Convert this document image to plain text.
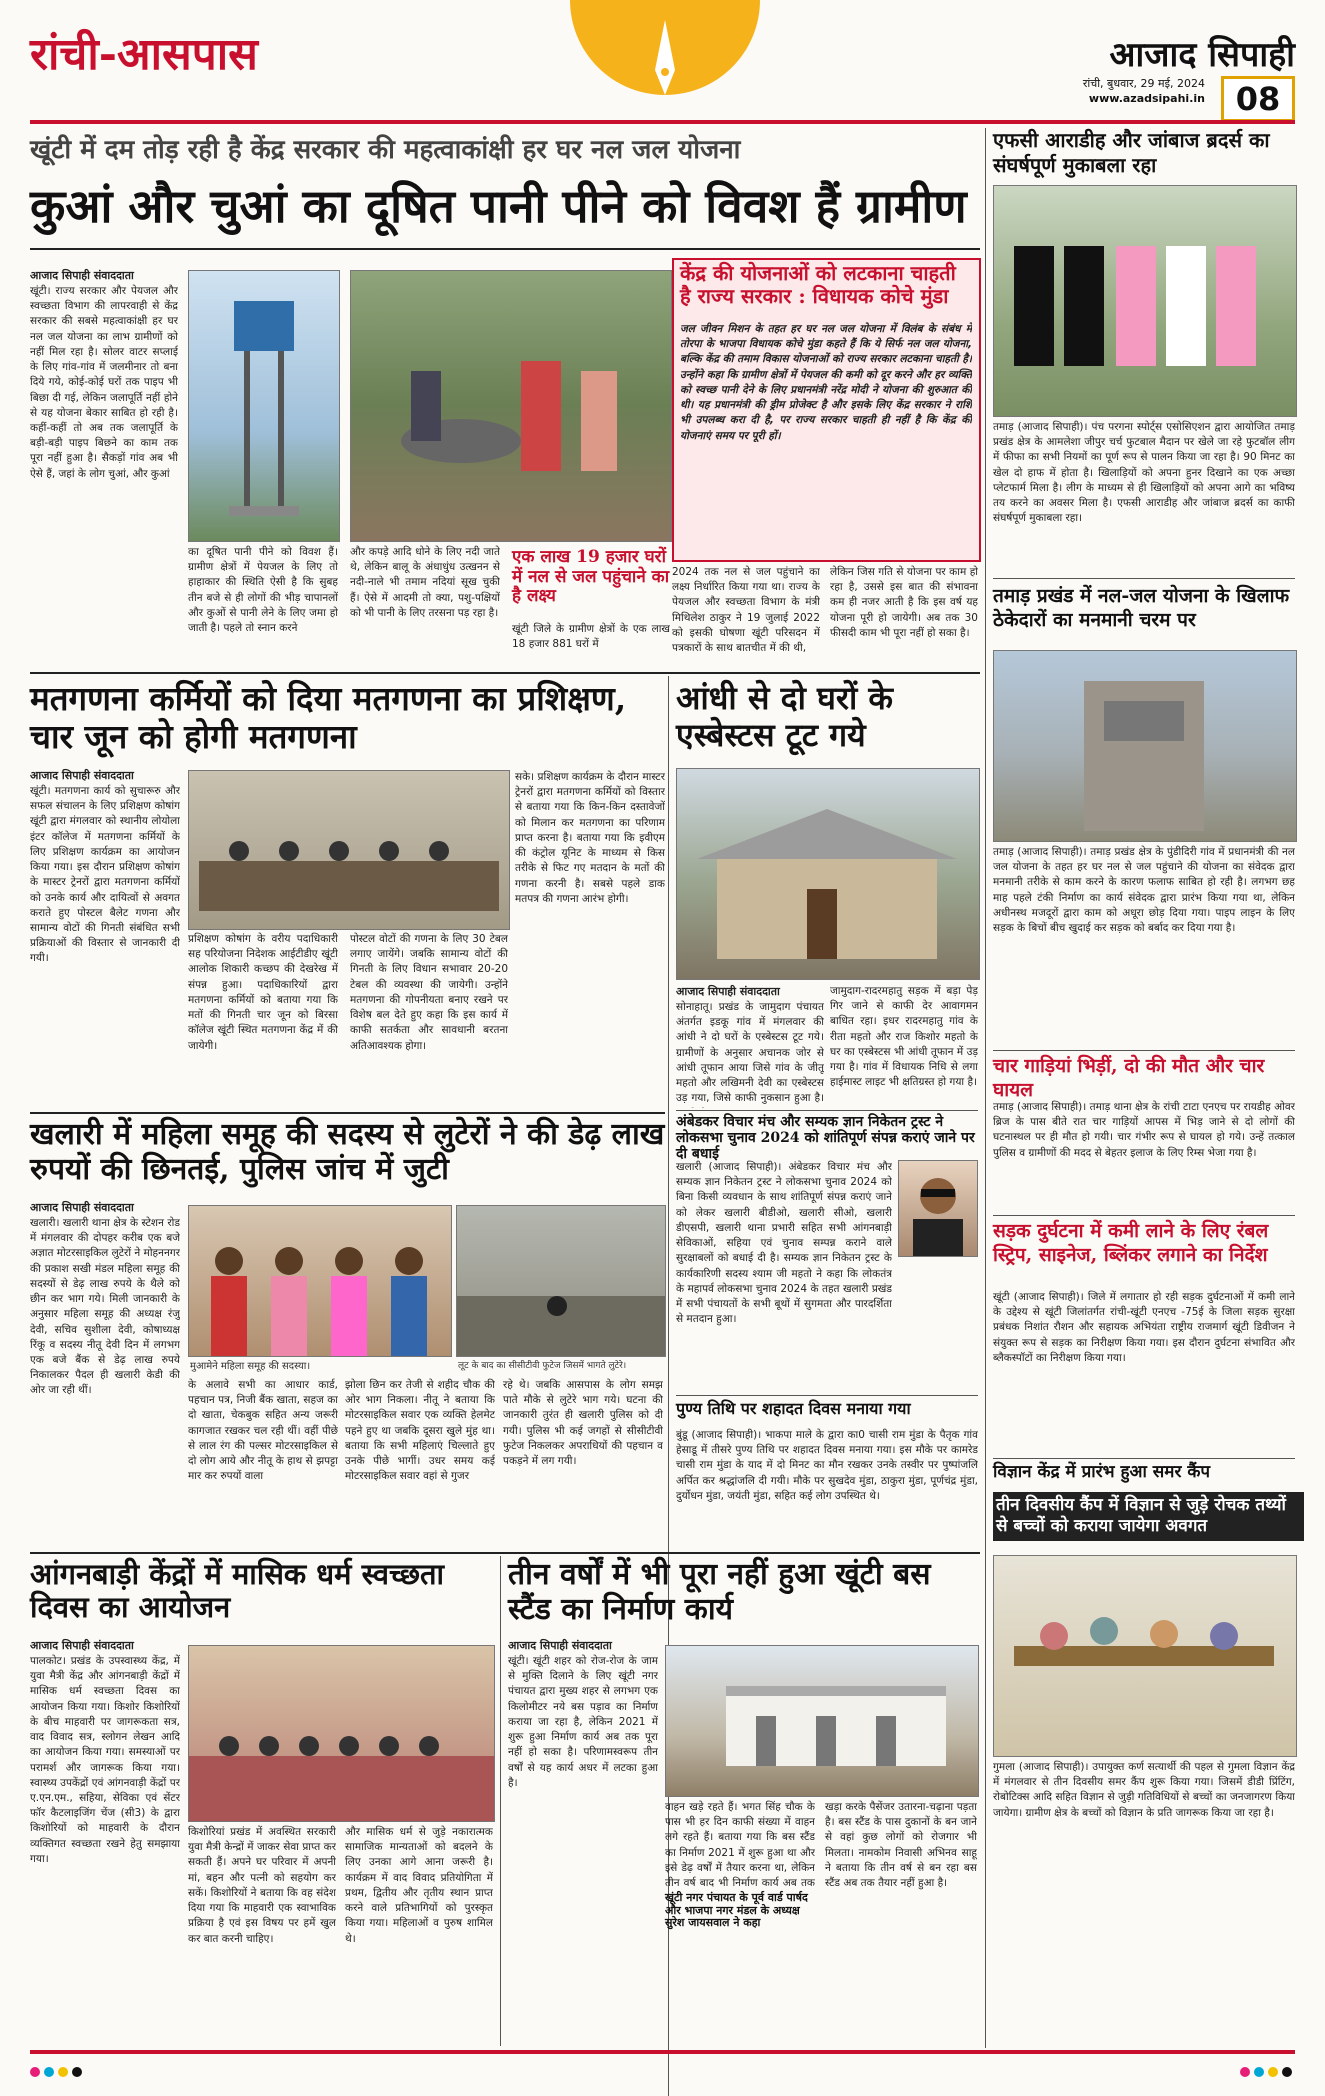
रांची-आसपास	आजाद सिपाही
रांची, बुधवार, 29 मई, 2024
www.azadsipahi.in 08
खूंटी में दम तोड़ रही है केंद्र सरकार की महत्वाकांक्षी हर घर नल जल योजना
कुआं और चुआं का दूषित पानी पीने को विवश हैं ग्रामीण
आजाद सिपाही संवाददाता
खूंटी। राज्य सरकार और पेयजल और स्वच्छता विभाग की लापरवाही से केंद्र सरकार की सबसे महत्वाकांक्षी हर घर नल जल योजना का लाभ ग्रामीणों को नहीं मिल रहा है। सोलर वाटर सप्लाई के लिए गांव-गांव में जलमीनार तो बना दिये गये, कोई-कोई घरों तक पाइप भी बिछा दी गई, लेकिन जलापूर्ति नहीं होने से यह योजना बेकार साबित हो रही है। कहीं-कहीं तो अब तक जलापूर्ति के बड़ी-बड़ी पाइप बिछने का काम तक पूरा नहीं हुआ है। सैकड़ों गांव अब भी ऐसे हैं, जहां के लोग चुआं, और कुआं
का दूषित पानी पीने को विवश हैं। ग्रामीण क्षेत्रों में पेयजल के लिए तो हाहाकार की स्थिति ऐसी है कि सुबह तीन बजे से ही लोगों की भीड़ चापानलों और कुओं से पानी लेने के लिए जमा हो जाती है। पहले तो स्नान करने
और कपड़े आदि धोने के लिए नदी जाते थे, लेकिन बालू के अंधाधुंध उत्खनन से नदी-नाले भी तमाम नदियां सूख चुकी हैं। ऐसे में आदमी तो क्या, पशु-पक्षियों को भी पानी के लिए तरसना पड़ रहा है।
एक लाख 19 हजार घरों में नल से जल पहुंचाने का है लक्ष्य
खूंटी जिले के ग्रामीण क्षेत्रों के एक लाख 18 हजार 881 घरों में
केंद्र की योजनाओं को लटकाना चाहती है राज्य सरकार : विधायक कोचे मुंडा
जल जीवन मिशन के तहत हर घर नल जल योजना में विलंब के संबंध में तोरपा के भाजपा विधायक कोचे मुंडा कहते हैं कि ये सिर्फ नल जल योजना, बल्कि केंद्र की तमाम विकास योजनाओं को राज्य सरकार लटकाना चाहती है। उन्होंने कहा कि ग्रामीण क्षेत्रों में पेयजल की कमी को दूर करने और हर व्यक्ति को स्वच्छ पानी देने के लिए प्रधानमंत्री नरेंद्र मोदी ने योजना की शुरुआत की थी। यह प्रधानमंत्री की ड्रीम प्रोजेक्ट है और इसके लिए केंद्र सरकार ने राशि भी उपलब्ध करा दी है, पर राज्य सरकार चाहती ही नहीं है कि केंद्र की योजनाएं समय पर पूरी हों।
2024 तक नल से जल पहुंचाने का लक्ष्य निर्धारित किया गया था। राज्य के पेयजल और स्वच्छता विभाग के मंत्री मिथिलेश ठाकुर ने 19 जुलाई 2022 को इसकी घोषणा खूंटी परिसदन में पत्रकारों के साथ बातचीत में की थी,
लेकिन जिस गति से योजना पर काम हो रहा है, उससे इस बात की संभावना कम ही नजर आती है कि इस वर्ष यह योजना पूरी हो जायेगी। अब तक 30 फीसदी काम भी पूरा नहीं हो सका है।
एफसी आराडीह और जांबाज ब्रदर्स का संघर्षपूर्ण मुकाबला रहा
तमाड़ (आजाद सिपाही)। पंच परगना स्पोर्ट्स एसोसिएशन द्वारा आयोजित तमाड़ प्रखंड क्षेत्र के आमलेशा जीपुर चर्च फुटबाल मैदान पर खेले जा रहे फुटबॉल लीग में फीफा का सभी नियमों का पूर्ण रूप से पालन किया जा रहा है। 90 मिनट का खेल दो हाफ में होता है। खिलाड़ियों को अपना हुनर दिखाने का एक अच्छा प्लेटफार्म मिला है। लीग के माध्यम से ही खिलाड़ियों को अपना आगे का भविष्य तय करने का अवसर मिला है। एफसी आराडीह और जांबाज ब्रदर्स का काफी संघर्षपूर्ण मुकाबला रहा।
तमाड़ प्रखंड में नल-जल योजना के खिलाफ ठेकेदारों का मनमानी चरम पर
तमाड़ (आजाद सिपाही)। तमाड़ प्रखंड क्षेत्र के पुंडीदिरी गांव में प्रधानमंत्री की नल जल योजना के तहत हर घर नल से जल पहुंचाने की योजना का संवेदक द्वारा मनमानी तरीके से काम करने के कारण फलाफ साबित हो रही है। लगभग छह माह पहले टंकी निर्माण का कार्य संवेदक द्वारा प्रारंभ किया गया था, लेकिन अधीनस्थ मजदूरों द्वारा काम को अधूरा छोड़ दिया गया। पाइप लाइन के लिए सड़क के बिचों बीच खुदाई कर सड़क को बर्बाद कर दिया गया है।
चार गाड़ियां भिड़ीं, दो की मौत और चार घायल
तमाड़ (आजाद सिपाही)। तमाड़ थाना क्षेत्र के रांची टाटा एनएच पर रायडीह ओवर ब्रिज के पास बीते रात चार गाड़ियों आपस में भिड़ जाने से दो लोगों की घटनास्थल पर ही मौत हो गयी। चार गंभीर रूप से घायल हो गये। उन्हें तत्काल पुलिस व ग्रामीणों की मदद से बेहतर इलाज के लिए रिम्स भेजा गया है।
सड़क दुर्घटना में कमी लाने के लिए रंबल स्ट्रिप, साइनेज, ब्लिंकर लगाने का निर्देश
खूंटी (आजाद सिपाही)। जिले में लगातार हो रही सड़क दुर्घटनाओं में कमी लाने के उद्देश्य से खूंटी जिलांतर्गत रांची-खूंटी एनएच -75ई के जिला सड़क सुरक्षा प्रबंधक निशांत रौशन और सहायक अभियंता राष्ट्रीय राजमार्ग खूंटी डिवीजन ने संयुक्त रूप से सड़क का निरीक्षण किया गया। इस दौरान दुर्घटना संभावित और ब्लैकस्पॉटों का निरीक्षण किया गया।
विज्ञान केंद्र में प्रारंभ हुआ समर कैंप
तीन दिवसीय कैंप में विज्ञान से जुड़े रोचक तथ्यों से बच्चों को कराया जायेगा अवगत
गुमला (आजाद सिपाही)। उपायुक्त कर्ण सत्यार्थी की पहल से गुमला विज्ञान केंद्र में मंगलवार से तीन दिवसीय समर कैंप शुरू किया गया। जिसमें डीडी प्रिंटिंग, रोबोटिक्स आदि सहित विज्ञान से जुड़ी गतिविधियों से बच्चों का जनजागरण किया जायेगा। ग्रामीण क्षेत्र के बच्चों को विज्ञान के प्रति जागरूक किया जा रहा है।
मतगणना कर्मियों को दिया मतगणना का प्रशिक्षण, चार जून को होगी मतगणना
आजाद सिपाही संवाददाता
खूंटी। मतगणना कार्य को सुचारूरु और सफल संचालन के लिए प्रशिक्षण कोषांग खूंटी द्वारा मंगलवार को स्थानीय लोयोला इंटर कॉलेज में मतगणना कर्मियों के लिए प्रशिक्षण कार्यक्रम का आयोजन किया गया। इस दौरान प्रशिक्षण कोषांग के मास्टर ट्रेनरों द्वारा मतगणना कर्मियों को उनके कार्य और दायित्वों से अवगत कराते हुए पोस्टल बैलेट गणना और सामान्य वोटों की गिनती संबंधित सभी प्रक्रियाओं की विस्तार से जानकारी दी गयी।
प्रशिक्षण कोषांग के वरीय पदाधिकारी सह परियोजना निदेशक आईटीडीए खूंटी आलोक शिकारी कच्छप की देखरेख में संपन्न हुआ। पदाधिकारियों द्वारा मतगणना कर्मियों को बताया गया कि मतों की गिनती चार जून को बिरसा कॉलेज खूंटी स्थित मतगणना केंद्र में की जायेगी।
पोस्टल वोटों की गणना के लिए 30 टेबल लगाए जायेंगे। जबकि सामान्य वोटों की गिनती के लिए विधान सभावार 20-20 टेबल की व्यवस्था की जायेगी। उन्होंने मतगणना की गोपनीयता बनाए रखने पर विशेष बल देते हुए कहा कि इस कार्य में काफी सतर्कता और सावधानी बरतना अतिआवश्यक होगा।
सके। प्रशिक्षण कार्यक्रम के दौरान मास्टर ट्रेनरों द्वारा मतगणना कर्मियों को विस्तार से बताया गया कि किन-किन दस्तावेजों को मिलान कर मतगणना का परिणाम प्राप्त करना है। बताया गया कि इवीएम की कंट्रोल यूनिट के माध्यम से किस तरीके से फिट गए मतदान के मतों की गणना करनी है। सबसे पहले डाक मतपत्र की गणना आरंभ होगी।
आंधी से दो घरों के एस्बेस्टस टूट गये
आजाद सिपाही संवाददाता
सोनाहातू। प्रखंड के जामुदाग पंचायत अंतर्गत इडकू गांव में मंगलवार की आंधी ने दो घरों के एस्बेस्टस टूट गये। ग्रामीणों के अनुसार अचानक जोर से आंधी तूफान आया जिसे गांव के जीतू महतो और लखिमनी देवी का एस्बेस्टस उड़ गया, जिसे काफी नुकसान हुआ है।
जामुदाग-रादरमहातु सड़क में बड़ा पेड़ गिर जाने से काफी देर आवागमन बाधित रहा। इधर रादरमहातु गांव के रीता महतो और राज किशोर महतो के घर का एस्बेस्टस भी आंधी तूफान में उड़ गया है। गांव में विधायक निधि से लगा हाईमास्ट लाइट भी क्षतिग्रस्त हो गया है।
अंबेडकर विचार मंच और सम्यक ज्ञान निकेतन ट्रस्ट ने लोकसभा चुनाव 2024 को शांतिपूर्ण संपन्न कराएं जाने पर दी बधाई
खलारी (आजाद सिपाही)। अंबेडकर विचार मंच और सम्यक ज्ञान निकेतन ट्रस्ट ने लोकसभा चुनाव 2024 को बिना किसी व्यवधान के साथ शांतिपूर्ण संपन्न कराएं जाने को लेकर खलारी बीडीओ, खलारी सीओ, खलारी डीएसपी, खलारी थाना प्रभारी सहित सभी आंगनबाड़ी सेविकाओं, सहिया एवं चुनाव सम्पन्न कराने वाले सुरक्षाबलों को बधाई दी है। सम्यक ज्ञान निकेतन ट्रस्ट के कार्यकारिणी सदस्य श्याम जी महतो ने कहा कि लोकतंत्र के महापर्व लोकसभा चुनाव 2024 के तहत खलारी प्रखंड में सभी पंचायतों के सभी बूथों में सुगमता और पारदर्शिता से मतदान हुआ।
पुण्य तिथि पर शहादत दिवस मनाया गया
बुंडू (आजाद सिपाही)। भाकपा माले के द्वारा का0 चासी राम मुंडा के पैतृक गांव हेसाडू में तीसरे पुण्य तिथि पर शहादत दिवस मनाया गया। इस मौके पर कामरेड चासी राम मुंडा के याद में दो मिनट का मौन रखकर उनके तस्वीर पर पुष्पांजलि अर्पित कर श्रद्धांजलि दी गयी। मौके पर सुखदेव मुंडा, ठाकुरा मुंडा, पूर्णचंद्र मुंडा, दुर्योधन मुंडा, जयंती मुंडा, सहित कई लोग उपस्थित थे।
खलारी में महिला समूह की सदस्य से लुटेरों ने की डेढ़ लाख रुपयों की छिनतई, पुलिस जांच में जुटी
आजाद सिपाही संवाददाता
खलारी। खलारी थाना क्षेत्र के स्टेशन रोड में मंगलवार की दोपहर करीब एक बजे अज्ञात मोटरसाइकिल लुटेरों ने मोहननगर की प्रकाश सखी मंडल महिला समूह की सदस्यों से डेढ़ लाख रुपये के थैले को छीन कर भाग गये। मिली जानकारी के अनुसार महिला समूह की अध्यक्ष रंजु देवी, सचिव सुशीला देवी, कोषाध्यक्ष रिंकू व सदस्य नीतू देवी दिन में लगभग एक बजे बैंक से डेढ़ लाख रुपये निकालकर पैदल ही खलारी केडी की ओर जा रही थीं।
मुआमेने महिला समूह की सदस्या।	लूट के बाद का सीसीटीवी फुटेज जिसमें भागते लुटेरे।
के अलावे सभी का आधार कार्ड, पहचान पत्र, निजी बैंक खाता, सहज का दो खाता, चेकबुक सहित अन्य जरूरी कागजात रखकर चल रही थीं। वहीं पीछे से लाल रंग की पल्सर मोटरसाइकिल से दो लोग आये और नीतू के हाथ से झपट्टा मार कर रुपयों वाला
झोला छिन कर तेजी से शहीद चौक की ओर भाग निकला। नीतू ने बताया कि मोटरसाइकिल सवार एक व्यक्ति हेलमेट पहने हुए था जबकि दूसरा खुले मुंह था। बताया कि सभी महिलाएं चिल्लाते हुए उनके पीछे भागीं। उधर समय कई मोटरसाइकिल सवार वहां से गुजर
रहे थे। जबकि आसपास के लोग समझ पाते मौके से लुटेरे भाग गये। घटना की जानकारी तुरंत ही खलारी पुलिस को दी गयी। पुलिस भी कई जगहों से सीसीटीवी फुटेज निकलकर अपराधियों की पहचान व पकड़ने में लग गयी।
आंगनबाड़ी केंद्रों में मासिक धर्म स्वच्छता दिवस का आयोजन
आजाद सिपाही संवाददाता
पालकोट। प्रखंड के उपस्वास्थ्य केंद्र, में युवा मैत्री केंद्र और आंगनबाड़ी केंद्रों में मासिक धर्म स्वच्छता दिवस का आयोजन किया गया। किशोर किशोरियों के बीच माहवारी पर जागरूकता सत्र, वाद विवाद सत्र, स्लोगन लेखन आदि का आयोजन किया गया। समस्याओं पर परामर्श और जागरूक किया गया। स्वास्थ्य उपकेंद्रों एवं आंगनवाड़ी केंद्रों पर ए.एन.एम., सहिया, सेविका एवं सेंटर फॉर कैटलाइजिंग चेंज (सी3) के द्वारा किशोरियों को माहवारी के दौरान व्यक्तिगत स्वच्छता रखने हेतु समझाया गया।
किशोरियां प्रखंड में अवस्थित सरकारी युवा मैत्री केन्द्रों में जाकर सेवा प्राप्त कर सकती हैं। अपने घर परिवार में अपनी मां, बहन और पत्नी को सहयोग कर सकें। किशोरियों ने बताया कि वह संदेश दिया गया कि माहवारी एक स्वाभाविक प्रक्रिया है एवं इस विषय पर हमें खुल कर बात करनी चाहिए।
और मासिक धर्म से जुड़े नकारात्मक सामाजिक मान्यताओं को बदलने के लिए उनका आगे आना जरूरी है। कार्यक्रम में वाद विवाद प्रतियोगिता में प्रथम, द्वितीय और तृतीय स्थान प्राप्त करने वाले प्रतिभागियों को पुरस्कृत किया गया। महिलाओं व पुरुष शामिल थे।
तीन वर्षों में भी पूरा नहीं हुआ खूंटी बस स्टैंड का निर्माण कार्य
आजाद सिपाही संवाददाता
खूंटी। खूंटी शहर को रोज-रोज के जाम से मुक्ति दिलाने के लिए खूंटी नगर पंचायत द्वारा मुख्य शहर से लगभग एक किलोमीटर नये बस पड़ाव का निर्माण कराया जा रहा है, लेकिन 2021 में शुरू हुआ निर्माण कार्य अब तक पूरा नहीं हो सका है। परिणामस्वरूप तीन वर्षों से यह कार्य अधर में लटका हुआ है।
वाहन खड़े रहते हैं। भगत सिंह चौक के पास भी हर दिन काफी संख्या में वाहन लगे रहते हैं। बताया गया कि बस स्टैंड का निर्माण 2021 में शुरू हुआ था और इसे डेढ़ वर्षों में तैयार करना था, लेकिन तीन वर्ष बाद भी निर्माण कार्य अब तक
खूंटी नगर पंचायत के पूर्व वार्ड पार्षद और भाजपा नगर मंडल के अध्यक्ष सुरेश जायसवाल ने कहा
खड़ा करके पैसेंजर उतारना-चढ़ाना पड़ता है। बस स्टैंड के पास दुकानों के बन जाने से वहां कुछ लोगों को रोजगार भी मिलता। नामकोम निवासी अभिनव साहू ने बताया कि तीन वर्ष से बन रहा बस स्टैंड अब तक तैयार नहीं हुआ है।
